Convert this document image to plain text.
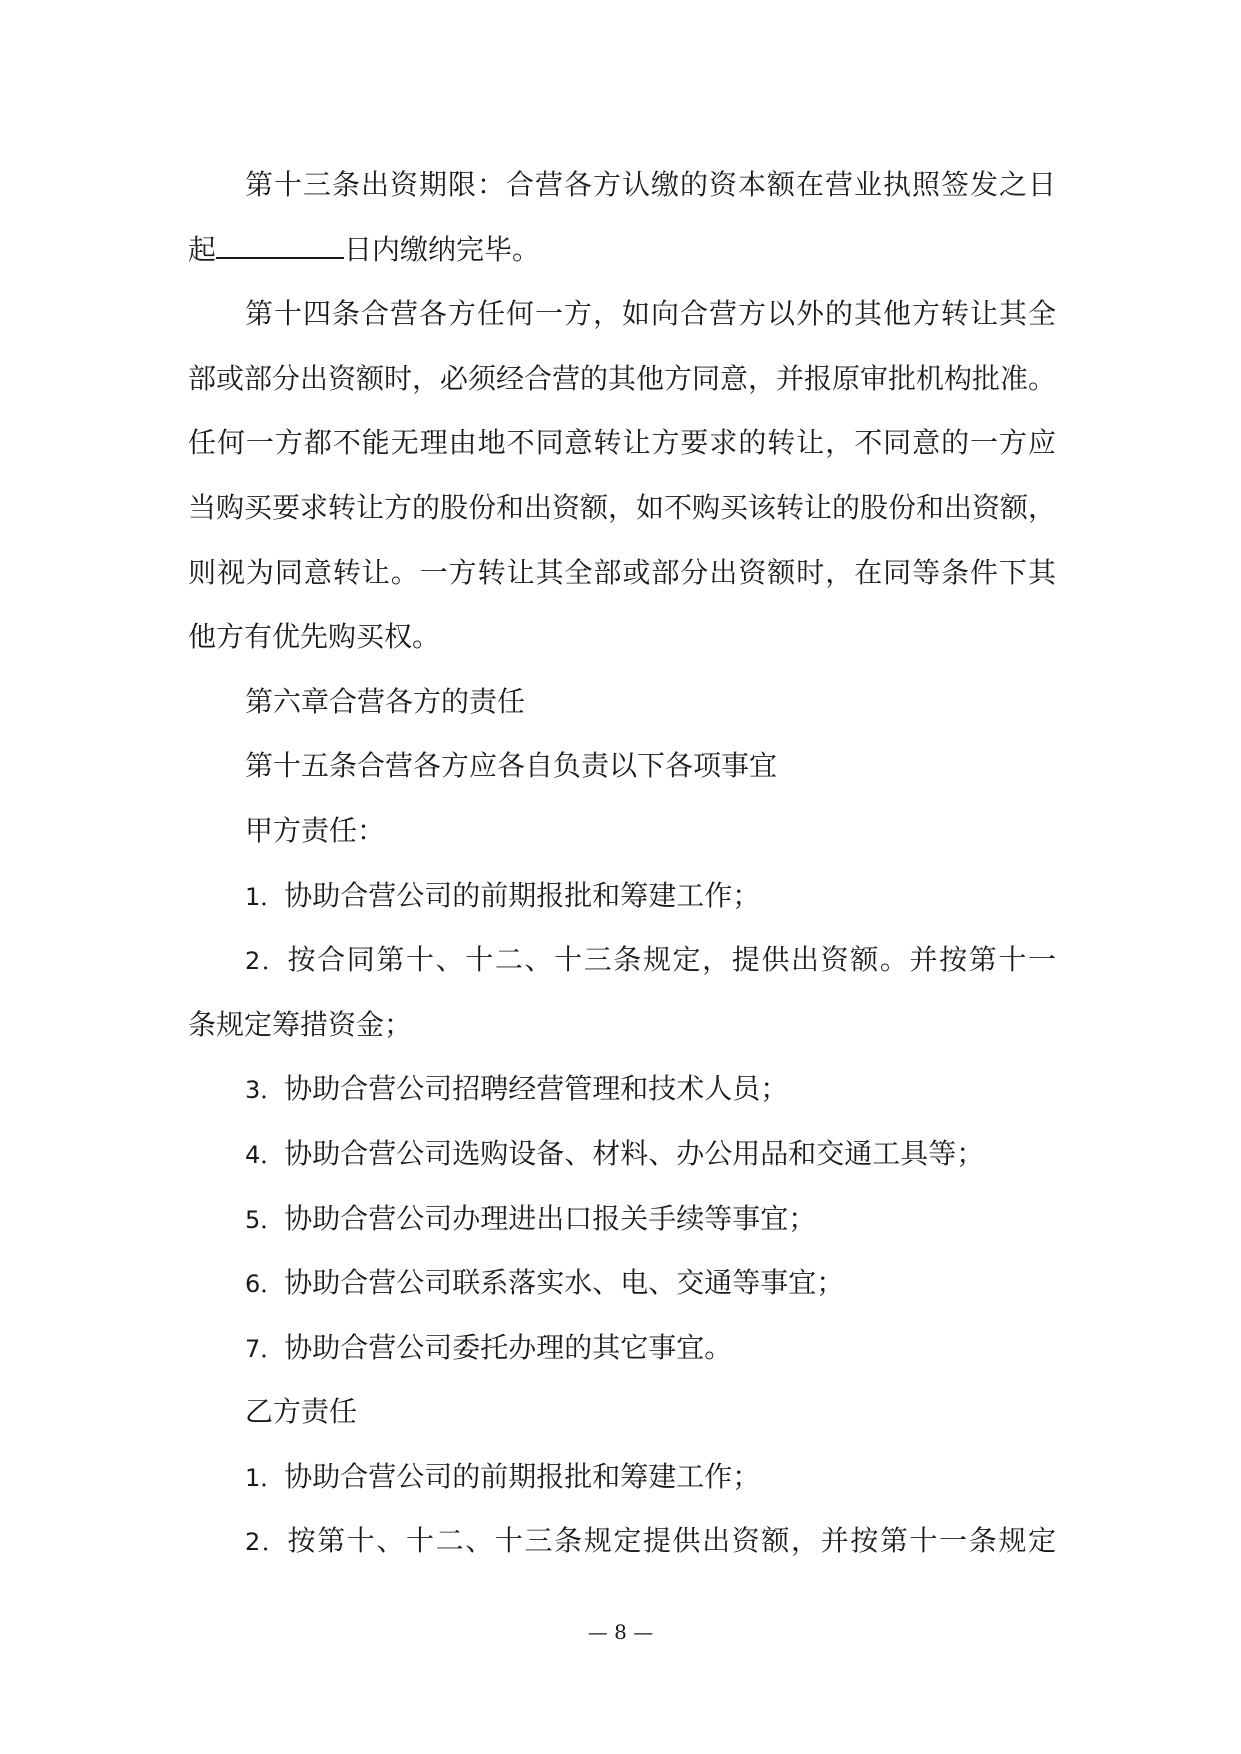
第十三条出资期限：合营各方认缴的资本额在营业执照签发之日
起	日内缴纳完毕。
第十四条合营各方任何一方，如向合营方以外的其他方转让其全
部或部分出资额时，必须经合营的其他方同意，并报原审批机构批准。
任何一方都不能无理由地不同意转让方要求的转让，不同意的一方应
当购买要求转让方的股份和出资额，如不购买该转让的股份和出资额，
则视为同意转让。一方转让其全部或部分出资额时，在同等条件下其
他方有优先购买权。
第六章合营各方的责任
第十五条合营各方应各自负责以下各项事宜
甲方责任：
1．协助合营公司的前期报批和筹建工作；
2．按合同第十、十二、十三条规定，提供出资额。并按第十一
条规定筹措资金；
3．协助合营公司招聘经营管理和技术人员；
4．协助合营公司选购设备、材料、办公用品和交通工具等；
5．协助合营公司办理进出口报关手续等事宜；
6．协助合营公司联系落实水、电、交通等事宜；
7．协助合营公司委托办理的其它事宜。
乙方责任
1．协助合营公司的前期报批和筹建工作；
2．按第十、十二、十三条规定提供出资额，并按第十一条规定
— 8 —
